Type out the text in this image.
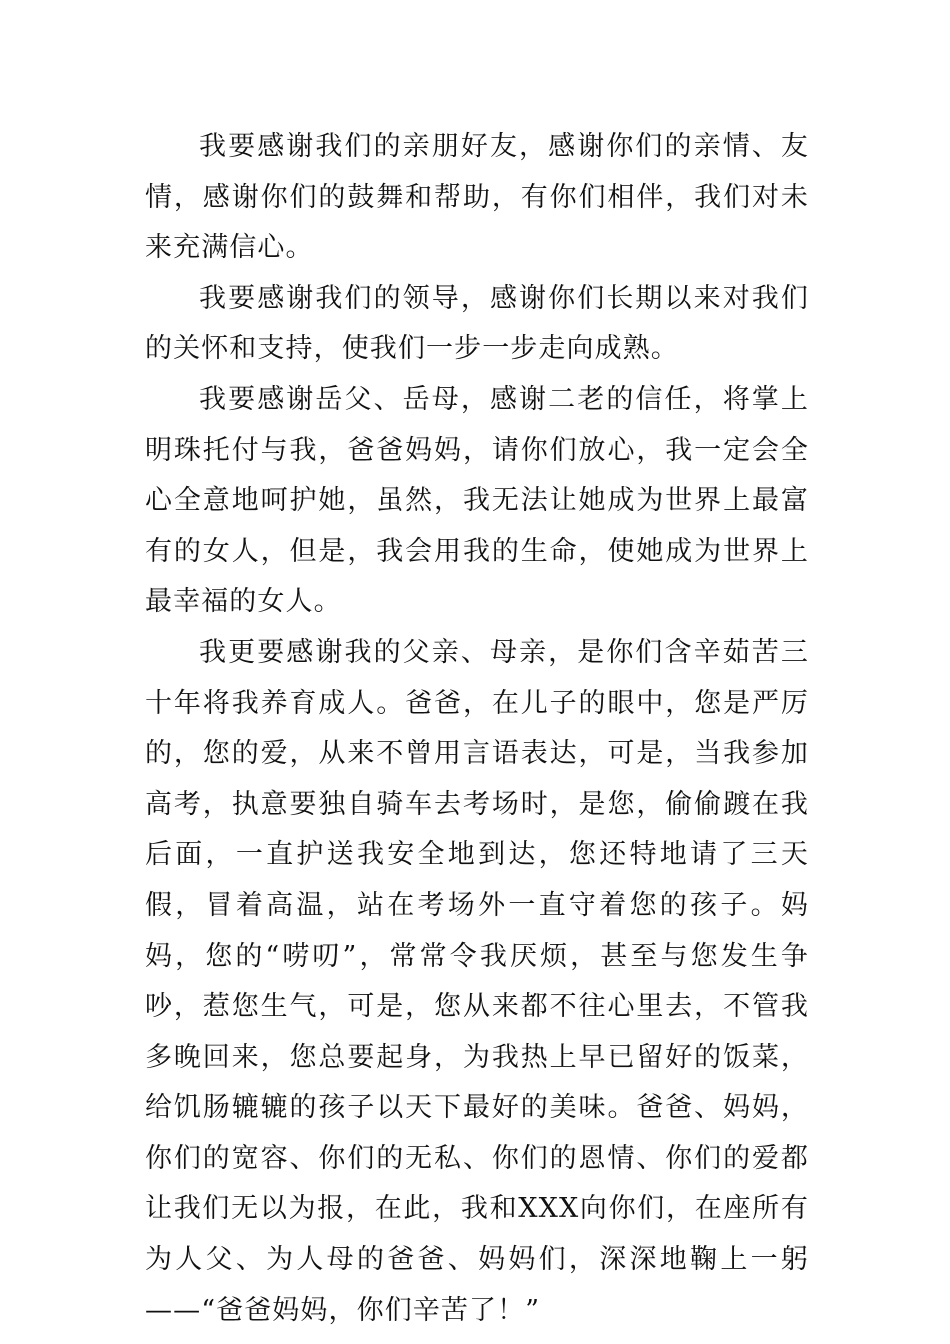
我要感谢我们的亲朋好友，感谢你们的亲情、友情，感谢你们的鼓舞和帮助，有你们相伴，我们对未来充满信心。

我要感谢我们的领导，感谢你们长期以来对我们的关怀和支持，使我们一步一步走向成熟。

我要感谢岳父、岳母，感谢二老的信任，将掌上明珠托付与我，爸爸妈妈，请你们放心，我一定会全心全意地呵护她，虽然，我无法让她成为世界上最富有的女人，但是，我会用我的生命，使她成为世界上最幸福的女人。

我更要感谢我的父亲、母亲，是你们含辛茹苦三十年将我养育成人。爸爸，在儿子的眼中，您是严厉的，您的爱，从来不曾用言语表达，可是，当我参加高考，执意要独自骑车去考场时，是您，偷偷踱在我后面，一直护送我安全地到达，您还特地请了三天假，冒着高温，站在考场外一直守着您的孩子。妈妈，您的“唠叨”，常常令我厌烦，甚至与您发生争吵，惹您生气，可是，您从来都不往心里去，不管我多晚回来，您总要起身，为我热上早已留好的饭菜，给饥肠辘辘的孩子以天下最好的美味。爸爸、妈妈，你们的宽容、你们的无私、你们的恩情、你们的爱都让我们无以为报，在此，我和XXX向你们，在座所有为人父、为人母的爸爸、妈妈们，深深地鞠上一躬——“爸爸妈妈，你们辛苦了！”
